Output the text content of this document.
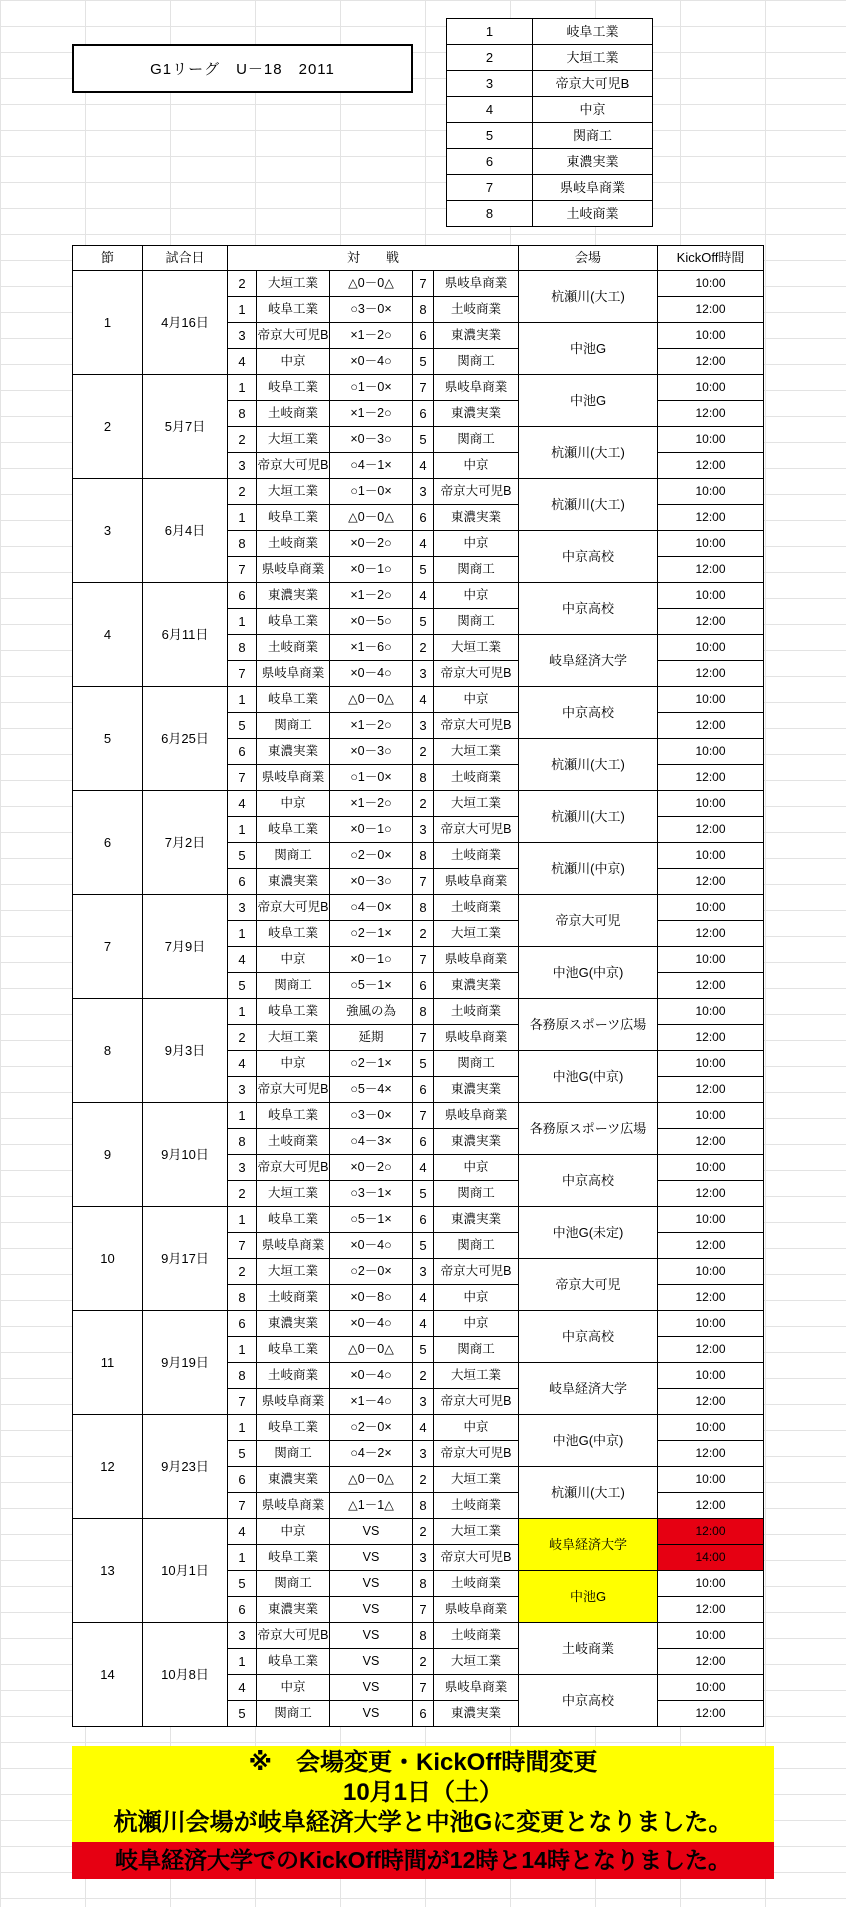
G1リーグ　U－18　2011
1	岐阜工業
2	大垣工業
3	帝京大可児B
4	中京
5	関商工
6	東濃実業
7	県岐阜商業
8	土岐商業
節	試合日	対　　戦					会場	KickOff時間
1	4月16日	2	大垣工業	△0－0△	7	県岐阜商業	杭瀬川(大工)	10:00
		1	岐阜工業	○3－0×	8	土岐商業		12:00
		3	帝京大可児B	×1－2○	6	東濃実業	中池G	10:00
		4	中京	×0－4○	5	関商工		12:00
2	5月7日	1	岐阜工業	○1－0×	7	県岐阜商業	中池G	10:00
		8	土岐商業	×1－2○	6	東濃実業		12:00
		2	大垣工業	×0－3○	5	関商工	杭瀬川(大工)	10:00
		3	帝京大可児B	○4－1×	4	中京		12:00
3	6月4日	2	大垣工業	○1－0×	3	帝京大可児B	杭瀬川(大工)	10:00
		1	岐阜工業	△0－0△	6	東濃実業		12:00
		8	土岐商業	×0－2○	4	中京	中京高校	10:00
		7	県岐阜商業	×0－1○	5	関商工		12:00
4	6月11日	6	東濃実業	×1－2○	4	中京	中京高校	10:00
		1	岐阜工業	×0－5○	5	関商工		12:00
		8	土岐商業	×1－6○	2	大垣工業	岐阜経済大学	10:00
		7	県岐阜商業	×0－4○	3	帝京大可児B		12:00
5	6月25日	1	岐阜工業	△0－0△	4	中京	中京高校	10:00
		5	関商工	×1－2○	3	帝京大可児B		12:00
		6	東濃実業	×0－3○	2	大垣工業	杭瀬川(大工)	10:00
		7	県岐阜商業	○1－0×	8	土岐商業		12:00
6	7月2日	4	中京	×1－2○	2	大垣工業	杭瀬川(大工)	10:00
		1	岐阜工業	×0－1○	3	帝京大可児B		12:00
		5	関商工	○2－0×	8	土岐商業	杭瀬川(中京)	10:00
		6	東濃実業	×0－3○	7	県岐阜商業		12:00
7	7月9日	3	帝京大可児B	○4－0×	8	土岐商業	帝京大可児	10:00
		1	岐阜工業	○2－1×	2	大垣工業		12:00
		4	中京	×0－1○	7	県岐阜商業	中池G(中京)	10:00
		5	関商工	○5－1×	6	東濃実業		12:00
8	9月3日	1	岐阜工業	強風の為	8	土岐商業	各務原スポーツ広場	10:00
		2	大垣工業	延期	7	県岐阜商業		12:00
		4	中京	○2－1×	5	関商工	中池G(中京)	10:00
		3	帝京大可児B	○5－4×	6	東濃実業		12:00
9	9月10日	1	岐阜工業	○3－0×	7	県岐阜商業	各務原スポーツ広場	10:00
		8	土岐商業	○4－3×	6	東濃実業		12:00
		3	帝京大可児B	×0－2○	4	中京	中京高校	10:00
		2	大垣工業	○3－1×	5	関商工		12:00
10	9月17日	1	岐阜工業	○5－1×	6	東濃実業	中池G(未定)	10:00
		7	県岐阜商業	×0－4○	5	関商工		12:00
		2	大垣工業	○2－0×	3	帝京大可児B	帝京大可児	10:00
		8	土岐商業	×0－8○	4	中京		12:00
11	9月19日	6	東濃実業	×0－4○	4	中京	中京高校	10:00
		1	岐阜工業	△0－0△	5	関商工		12:00
		8	土岐商業	×0－4○	2	大垣工業	岐阜経済大学	10:00
		7	県岐阜商業	×1－4○	3	帝京大可児B		12:00
12	9月23日	1	岐阜工業	○2－0×	4	中京	中池G(中京)	10:00
		5	関商工	○4－2×	3	帝京大可児B		12:00
		6	東濃実業	△0－0△	2	大垣工業	杭瀬川(大工)	10:00
		7	県岐阜商業	△1－1△	8	土岐商業		12:00
13	10月1日	4	中京	VS	2	大垣工業	岐阜経済大学	12:00
		1	岐阜工業	VS	3	帝京大可児B		14:00
		5	関商工	VS	8	土岐商業	中池G	10:00
		6	東濃実業	VS	7	県岐阜商業		12:00
14	10月8日	3	帝京大可児B	VS	8	土岐商業	土岐商業	10:00
		1	岐阜工業	VS	2	大垣工業		12:00
		4	中京	VS	7	県岐阜商業	中京高校	10:00
		5	関商工	VS	6	東濃実業		12:00
※　会場変更・KickOff時間変更
10月1日（土）
杭瀬川会場が岐阜経済大学と中池Gに変更となりました。
岐阜経済大学でのKickOff時間が12時と14時となりました。
